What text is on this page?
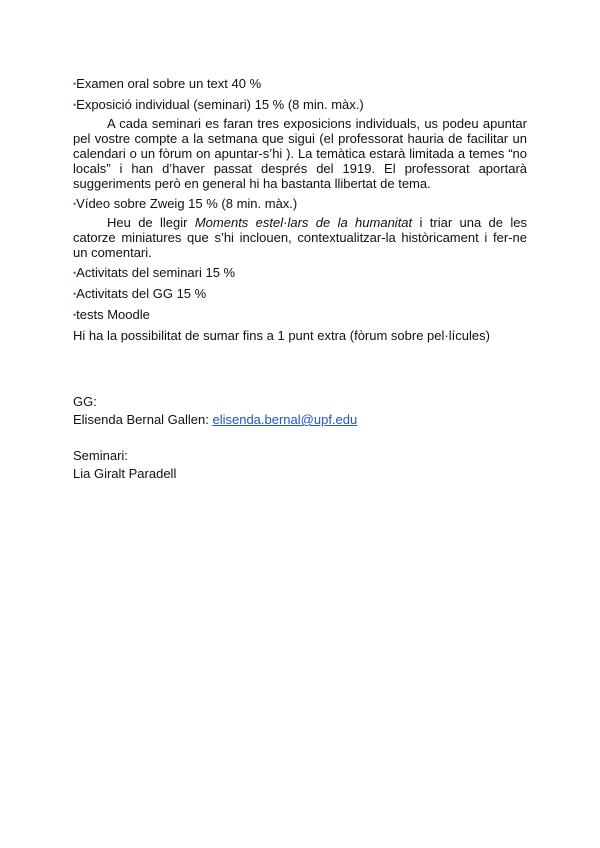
•Examen oral sobre un text 40 %

•Exposició individual (seminari) 15 % (8 min. màx.)

A cada seminari es faran tres exposicions individuals, us podeu apuntar pel vostre compte a la setmana que sigui (el professorat hauria de facilitar un calendari o un fòrum on apuntar-s’hi ). La temàtica estarà limitada a temes “no locals” i han d’haver passat després del 1919. El professorat aportarà suggeriments però en general hi ha bastanta llibertat de tema.

•Vídeo sobre Zweig 15 % (8 min. màx.)

Heu de llegir Moments estel·lars de la humanitat i triar una de les catorze miniatures que s’hi inclouen, contextualitzar-la històricament i fer-ne un comentari.

•Activitats del seminari 15 %

•Activitats del GG 15 %

•tests Moodle

Hi ha la possibilitat de sumar fins a 1 punt extra (fòrum sobre pel·lícules)

GG:

Elisenda Bernal Gallen: elisenda.bernal@upf.edu

Seminari:

Lia Giralt Paradell
